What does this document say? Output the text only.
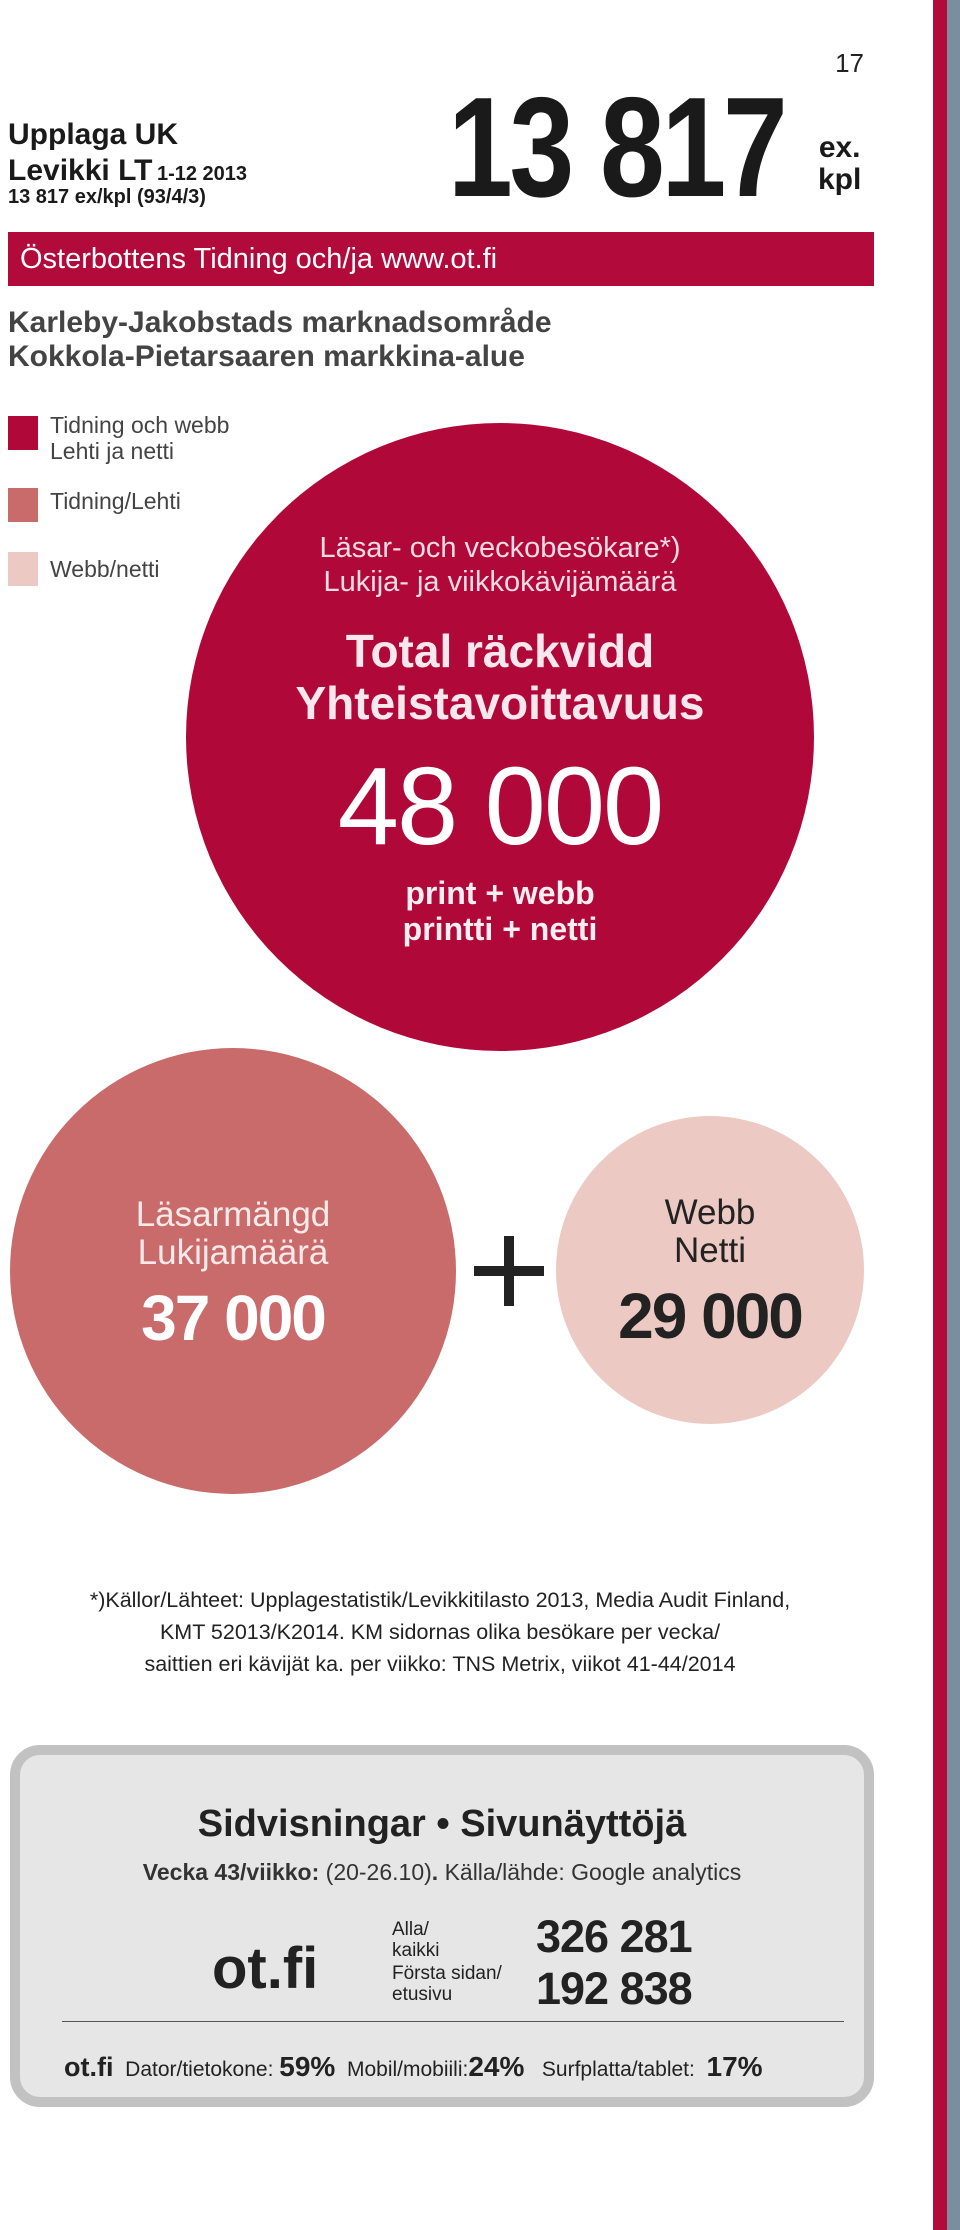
17
Upplaga UK
Levikki LT 1-12 2013
13 817 ex/kpl (93/4/3) 13 817 ex.
kpl
Österbottens Tidning och/ja www.ot.fi
Karleby-Jakobstads marknadsområde
Kokkola-Pietarsaaren markkina-alue
Tidning och webb
Lehti ja netti
Tidning/Lehti
Webb/netti
Läsar- och veckobesökare*)
Lukija- ja viikkokävijämäärä
Total räckvidd
Yhteistavoittavuus
48 000
print + webb
printti + netti
Läsarmängd
Lukijamäärä
37 000
Webb
Netti
29 000
*)Källor/Lähteet: Upplagestatistik/Levikkitilasto 2013, Media Audit Finland,
KMT 52013/K2014. KM sidornas olika besökare per vecka/
saittien eri kävijät ka. per viikko: TNS Metrix, viikot 41-44/2014
Sidvisningar • Sivunäyttöjä
Vecka 43/viikko: (20-26.10). Källa/lähde: Google analytics
ot.fi
Alla/
kaikki 326 281
Första sidan/
etusivu	192 838
ot.fi Dator/tietokone: 59% Mobil/mobiili:24% Surfplatta/tablet: 17%
